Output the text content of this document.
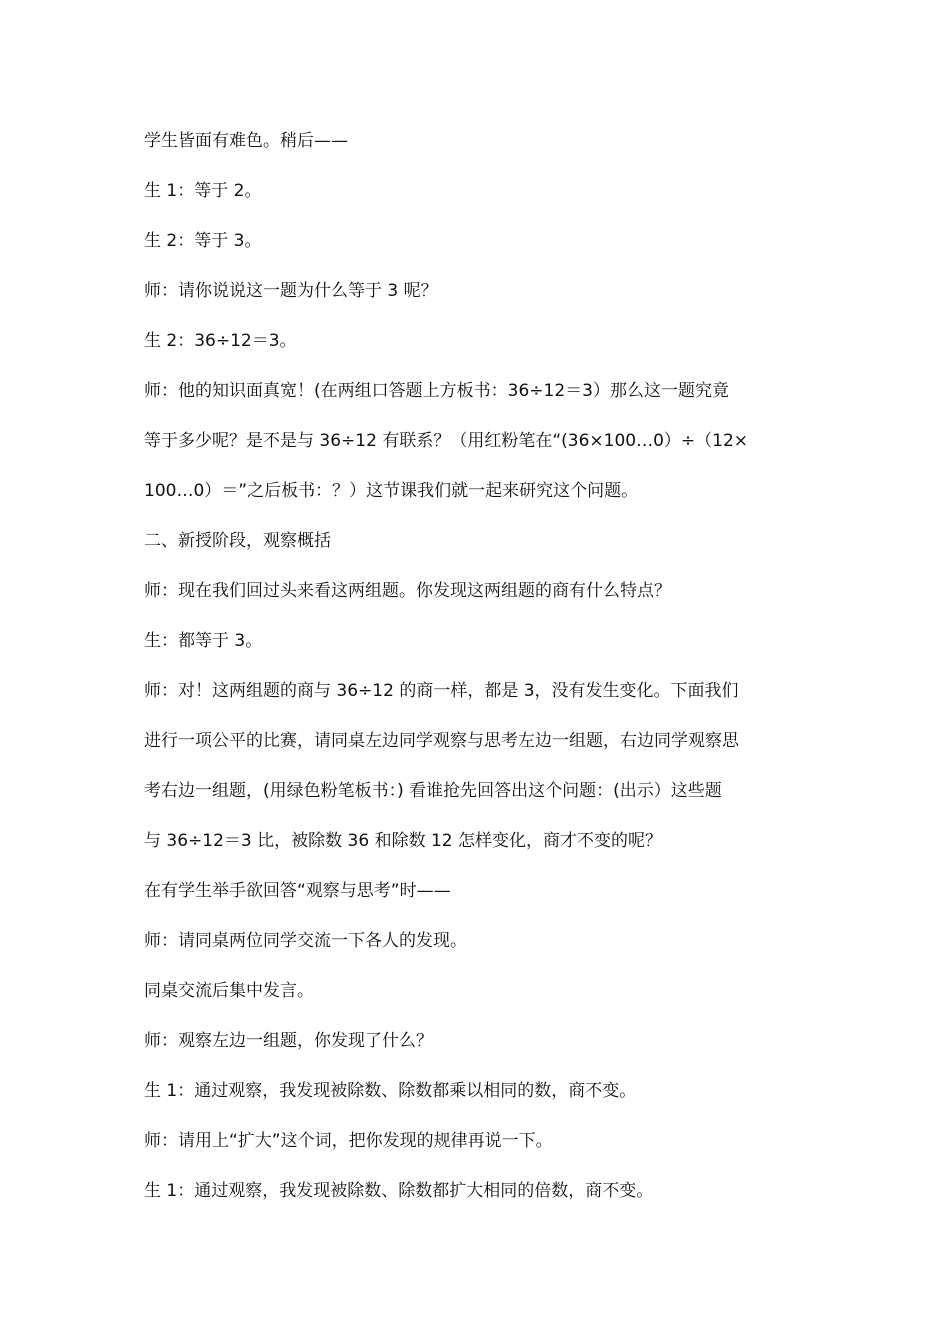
学生皆面有难色。稍后——
生 1：等于 2。
生 2：等于 3。
师：请你说说这一题为什么等于 3 呢？
生 2：36÷12＝3。
师：他的知识面真宽！(在两组口答题上方板书：36÷12＝3）那么这一题究竟
等于多少呢？是不是与 36÷12 有联系？（用红粉笔在“(36×100…0）÷（12×
100…0）＝”之后板书：？）这节课我们就一起来研究这个问题。
二、新授阶段，观察概括
师：现在我们回过头来看这两组题。你发现这两组题的商有什么特点？
生：都等于 3。
师：对！这两组题的商与 36÷12 的商一样，都是 3，没有发生变化。下面我们
进行一项公平的比赛，请同桌左边同学观察与思考左边一组题，右边同学观察思
考右边一组题，(用绿色粉笔板书：) 看谁抢先回答出这个问题：(出示）这些题
与 36÷12＝3 比，被除数 36 和除数 12 怎样变化，商才不变的呢？
在有学生举手欲回答“观察与思考”时——
师：请同桌两位同学交流一下各人的发现。
同桌交流后集中发言。
师：观察左边一组题，你发现了什么？
生 1：通过观察，我发现被除数、除数都乘以相同的数，商不变。
师：请用上“扩大”这个词，把你发现的规律再说一下。
生 1：通过观察，我发现被除数、除数都扩大相同的倍数，商不变。
